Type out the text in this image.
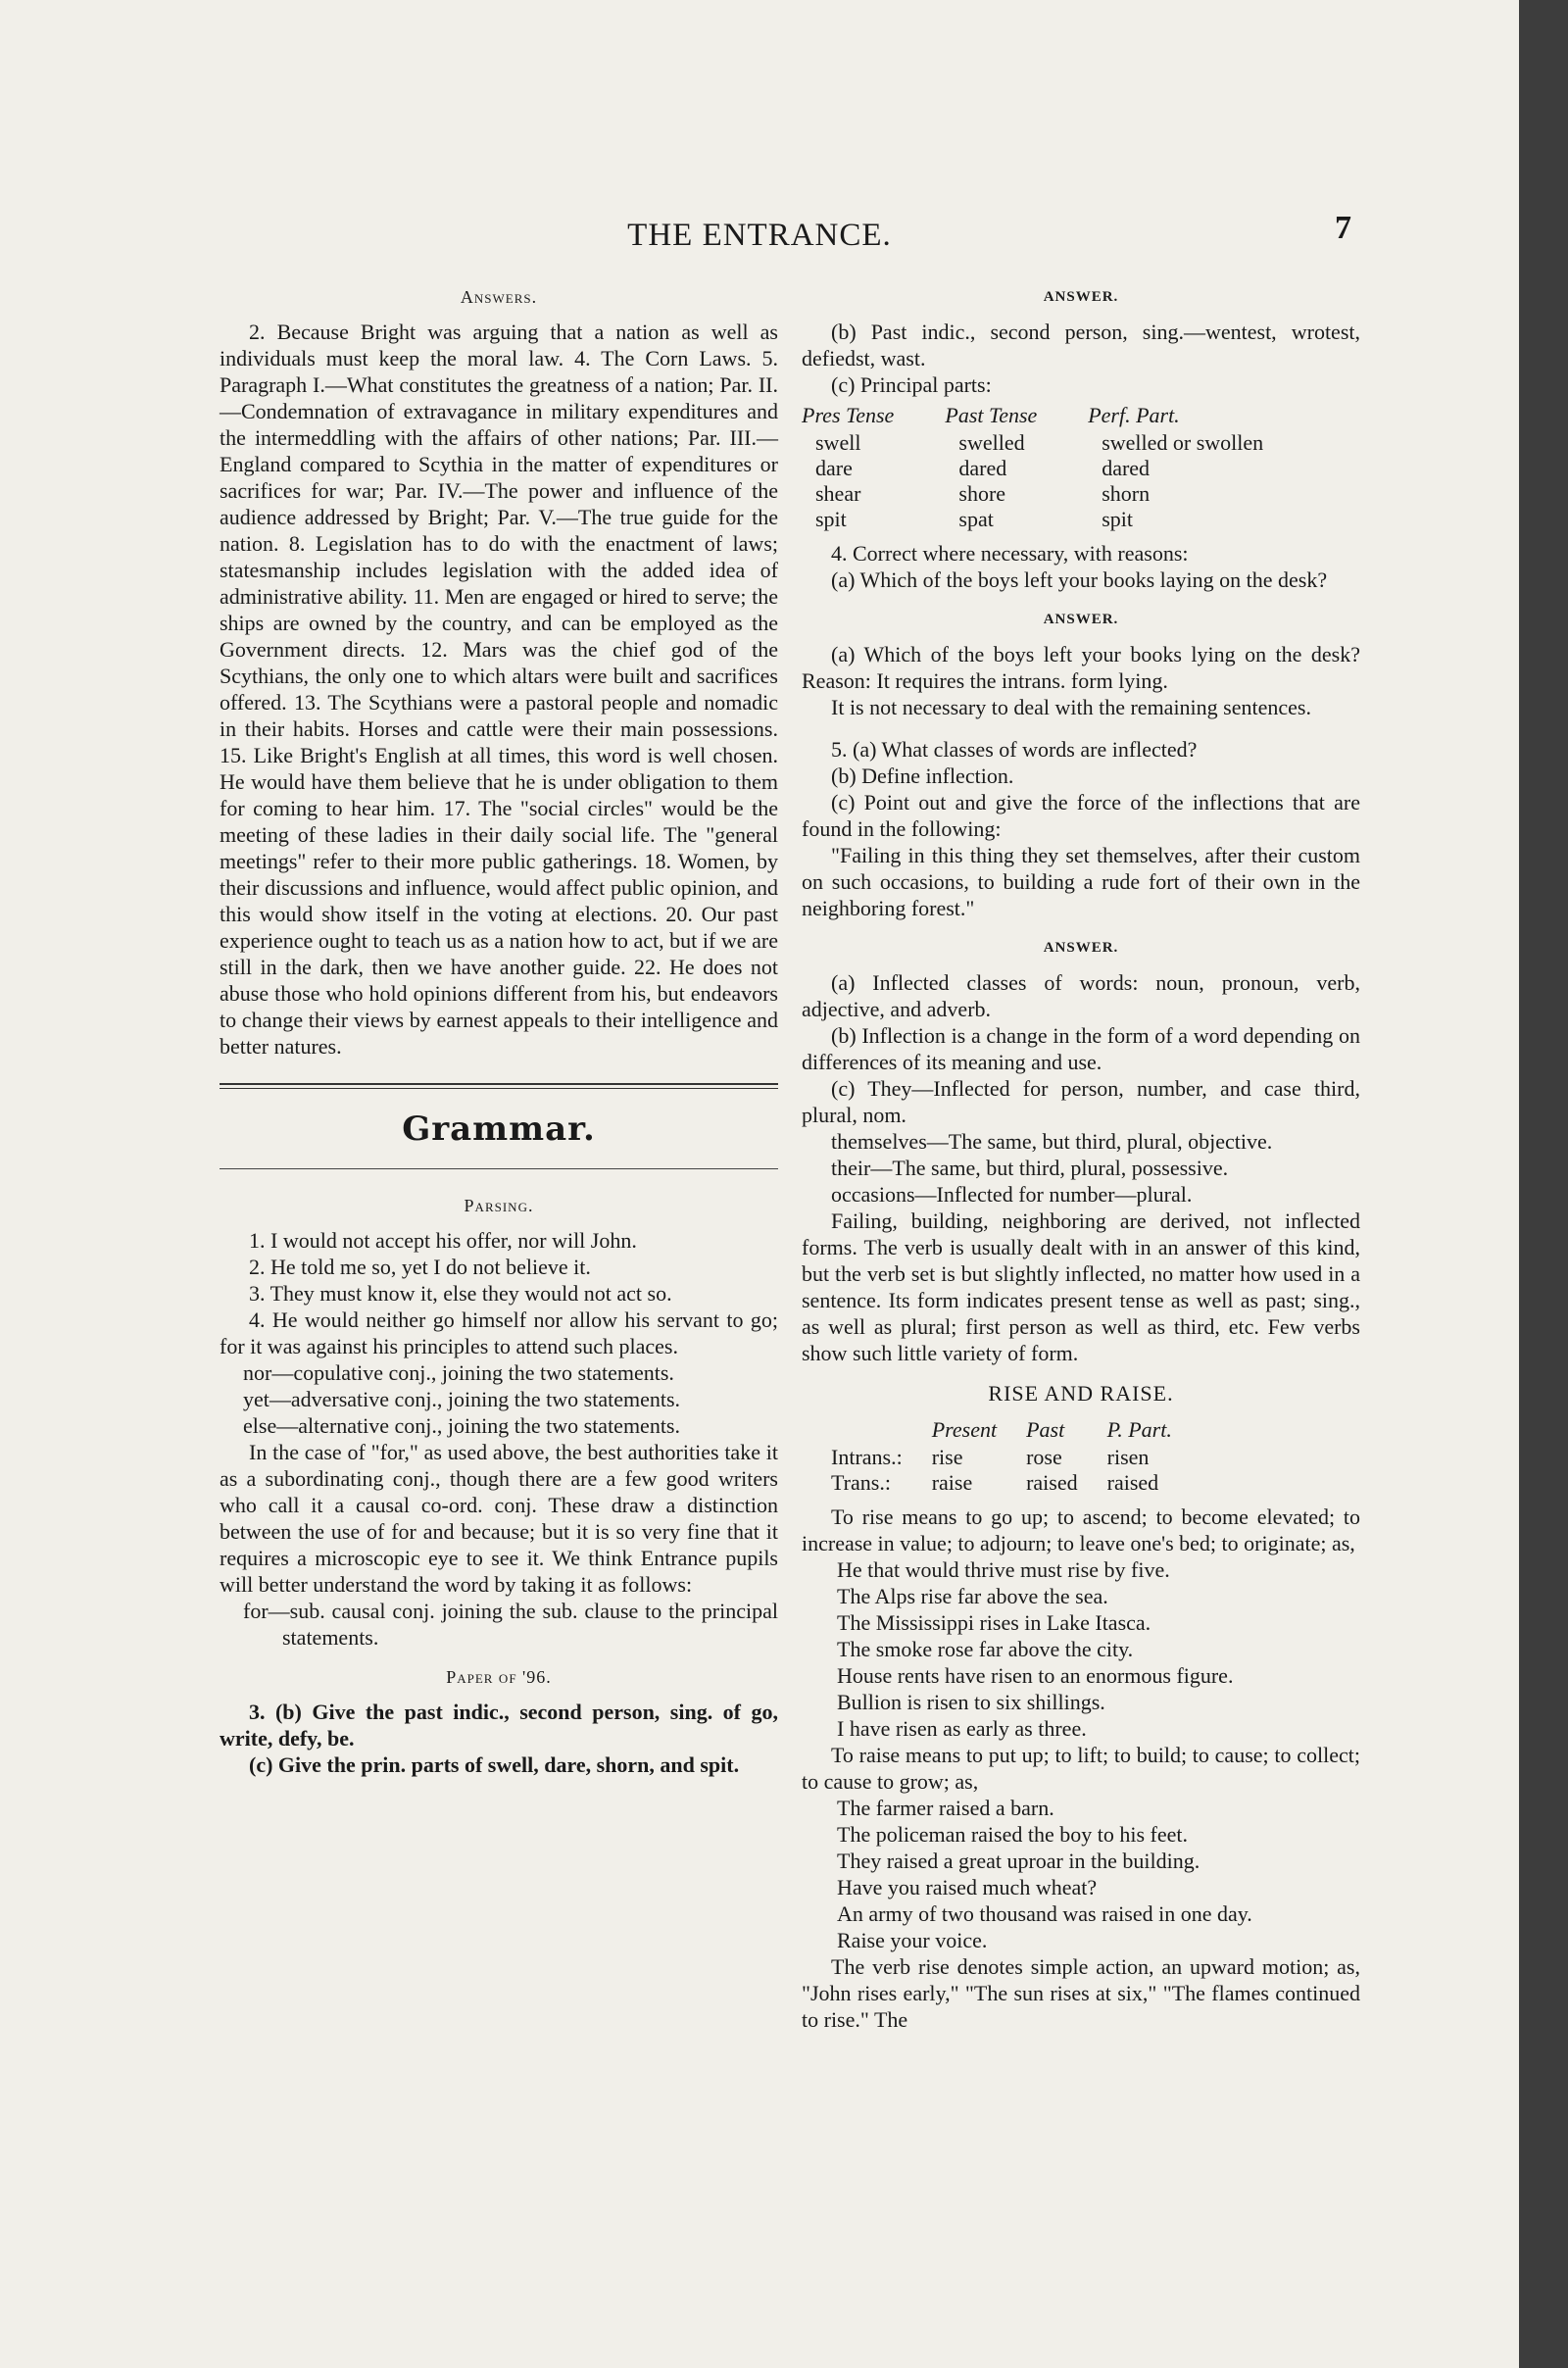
THE ENTRANCE.	7
Answers.

2. Because Bright was arguing that a nation as well as individuals must keep the moral law. 4. The Corn Laws. 5. Paragraph I.—What constitutes the greatness of a nation; Par. II.—Condemnation of extravagance in military expenditures and the intermeddling with the affairs of other nations; Par. III.—England compared to Scythia in the matter of expenditures or sacrifices for war; Par. IV.—The power and influence of the audience addressed by Bright; Par. V.—The true guide for the nation. 8. Legislation has to do with the enactment of laws; statesmanship includes legislation with the added idea of administrative ability. 11. Men are engaged or hired to serve; the ships are owned by the country, and can be employed as the Government directs. 12. Mars was the chief god of the Scythians, the only one to which altars were built and sacrifices offered. 13. The Scythians were a pastoral people and nomadic in their habits. Horses and cattle were their main possessions. 15. Like Bright's English at all times, this word is well chosen. He would have them believe that he is under obligation to them for coming to hear him. 17. The "social circles" would be the meeting of these ladies in their daily social life. The "general meetings" refer to their more public gatherings. 18. Women, by their discussions and influence, would affect public opinion, and this would show itself in the voting at elections. 20. Our past experience ought to teach us as a nation how to act, but if we are still in the dark, then we have another guide. 22. He does not abuse those who hold opinions different from his, but endeavors to change their views by earnest appeals to their intelligence and better natures.

Grammar.
Parsing.

1. I would not accept his offer, nor will John.

2. He told me so, yet I do not believe it.

3. They must know it, else they would not act so.

4. He would neither go himself nor allow his servant to go; for it was against his principles to attend such places.

nor—copulative conj., joining the two statements.

yet—adversative conj., joining the two statements.

else—alternative conj., joining the two statements.

In the case of "for," as used above, the best authorities take it as a subordinating conj., though there are a few good writers who call it a causal co-ord. conj. These draw a distinction between the use of for and because; but it is so very fine that it requires a microscopic eye to see it. We think Entrance pupils will better understand the word by taking it as follows:

for—sub. causal conj. joining the sub. clause to the principal statements.

Paper of '96.

3. (b) Give the past indic., second person, sing. of go, write, defy, be.

(c) Give the prin. parts of swell, dare, shorn, and spit.

ANSWER.

(b) Past indic., second person, sing.—wentest, wrotest, defiedst, wast.

(c) Principal parts:

Pres Tense	Past Tense	Perf. Part.
swell	swelled	swelled or swollen
dare	dared	dared
shear	shore	shorn
spit	spat	spit

4. Correct where necessary, with reasons:

(a) Which of the boys left your books laying on the desk?

ANSWER.

(a) Which of the boys left your books lying on the desk? Reason: It requires the intrans. form lying.

It is not necessary to deal with the remaining sentences.

5. (a) What classes of words are inflected?

(b) Define inflection.

(c) Point out and give the force of the inflections that are found in the following:

"Failing in this thing they set themselves, after their custom on such occasions, to building a rude fort of their own in the neighboring forest."

ANSWER.

(a) Inflected classes of words: noun, pronoun, verb, adjective, and adverb.

(b) Inflection is a change in the form of a word depending on differences of its meaning and use.

(c) They—Inflected for person, number, and case third, plural, nom.

themselves—The same, but third, plural, objective.

their—The same, but third, plural, possessive.

occasions—Inflected for number—plural.

Failing, building, neighboring are derived, not inflected forms. The verb is usually dealt with in an answer of this kind, but the verb set is but slightly inflected, no matter how used in a sentence. Its form indicates present tense as well as past; sing., as well as plural; first person as well as third, etc. Few verbs show such little variety of form.

RISE AND RAISE.
	Present	Past	P. Part.
Intrans.:	rise	rose	risen
Trans.:	raise	raised	raised

To rise means to go up; to ascend; to become elevated; to increase in value; to adjourn; to leave one's bed; to originate; as,

He that would thrive must rise by five.

The Alps rise far above the sea.

The Mississippi rises in Lake Itasca.

The smoke rose far above the city.

House rents have risen to an enormous figure.

Bullion is risen to six shillings.

I have risen as early as three.

To raise means to put up; to lift; to build; to cause; to collect; to cause to grow; as,

The farmer raised a barn.

The policeman raised the boy to his feet.

They raised a great uproar in the building.

Have you raised much wheat?

An army of two thousand was raised in one day.

Raise your voice.

The verb rise denotes simple action, an upward motion; as, "John rises early," "The sun rises at six," "The flames continued to rise." The
